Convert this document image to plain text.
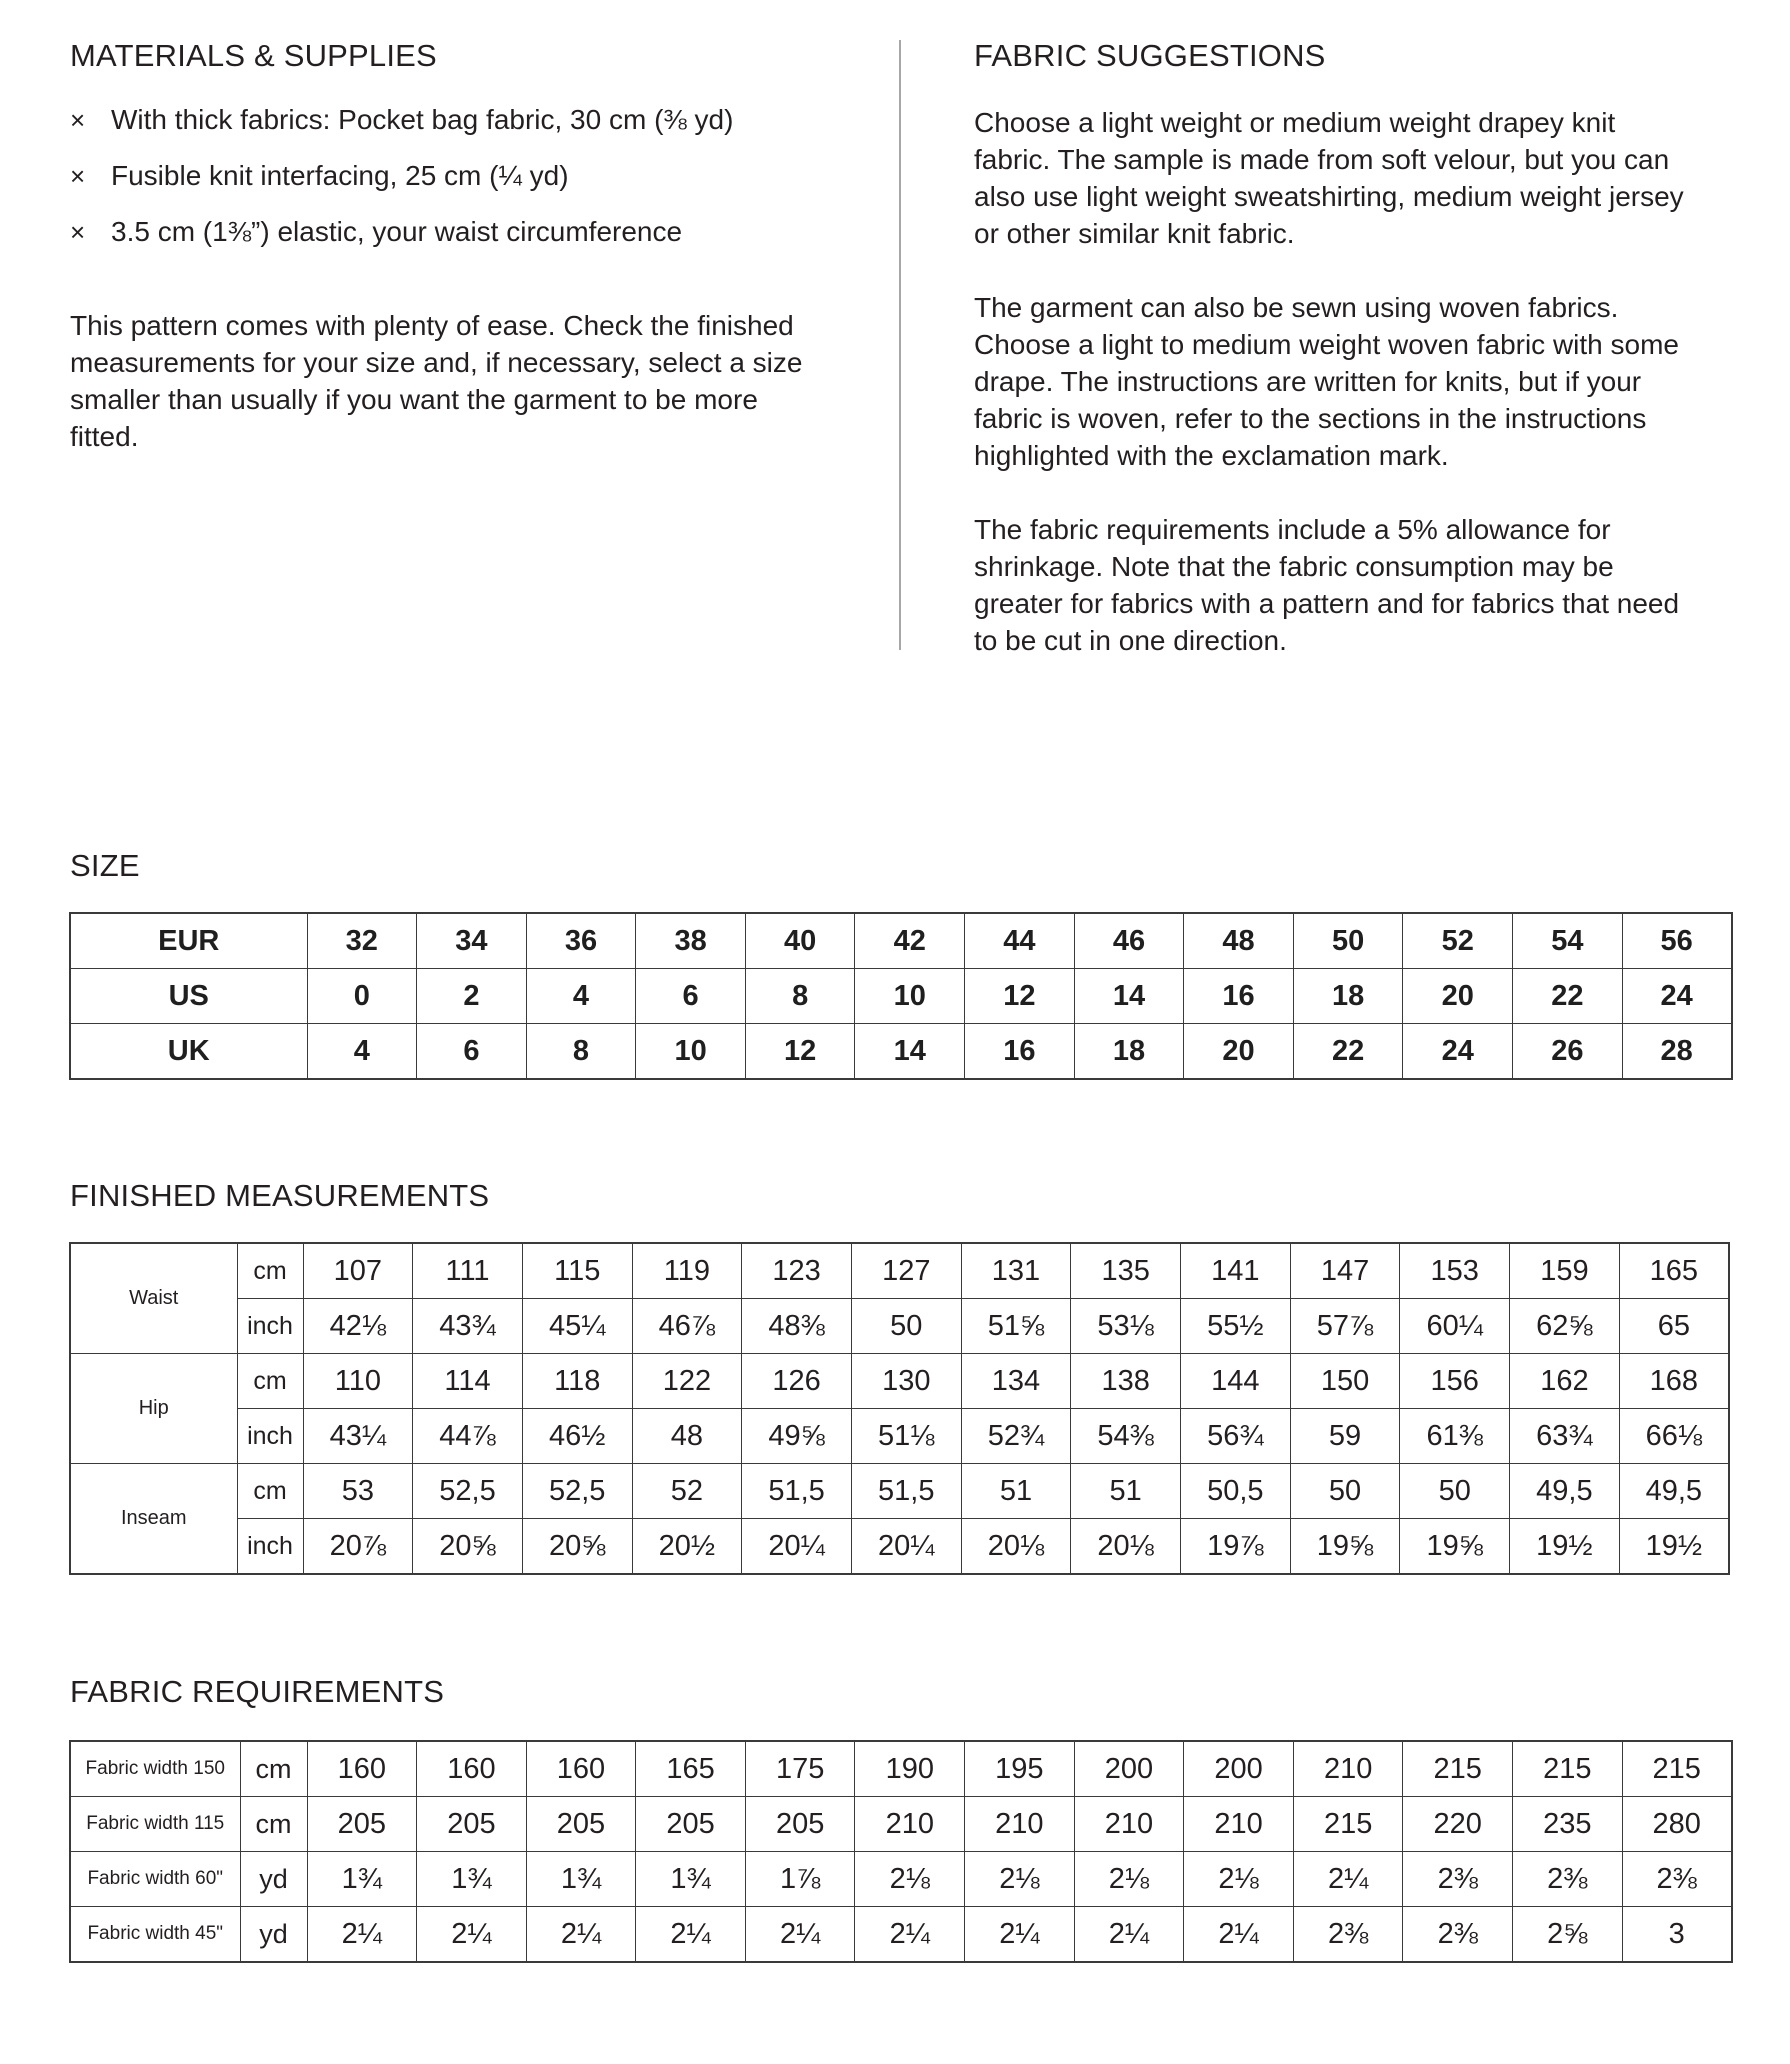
MATERIALS & SUPPLIES
× With thick fabrics: Pocket bag fabric, 30 cm (⅜ yd)
× Fusible knit interfacing, 25 cm (¼ yd)
× 3.5 cm (1⅜”) elastic, your waist circumference
This pattern comes with plenty of ease. Check the finished
measurements for your size and, if necessary, select a size
smaller than usually if you want the garment to be more
fitted.
FABRIC SUGGESTIONS
Choose a light weight or medium weight drapey knit
fabric. The sample is made from soft velour, but you can
also use light weight sweatshirting, medium weight jersey
or other similar knit fabric.
The garment can also be sewn using woven fabrics.
Choose a light to medium weight woven fabric with some
drape. The instructions are written for knits, but if your
fabric is woven, refer to the sections in the instructions
highlighted with the exclamation mark.
The fabric requirements include a 5% allowance for
shrinkage. Note that the fabric consumption may be
greater for fabrics with a pattern and for fabrics that need
to be cut in one direction.
SIZE
EUR	32	34	36	38	40	42	44	46	48	50	52	54	56
US	0	2	4	6	8	10	12	14	16	18	20	22	24
UK	4	6	8	10	12	14	16	18	20	22	24	26	28
FINISHED MEASUREMENTS
Waist	cm	107	111	115	119	123	127	131	135	141	147	153	159	165
	inch	42⅛	43¾	45¼	46⅞	48⅜	50	51⅝	53⅛	55½	57⅞	60¼	62⅝	65
Hip	cm	110	114	118	122	126	130	134	138	144	150	156	162	168
	inch	43¼	44⅞	46½	48	49⅝	51⅛	52¾	54⅜	56¾	59	61⅜	63¾	66⅛
Inseam	cm	53	52,5	52,5	52	51,5	51,5	51	51	50,5	50	50	49,5	49,5
	inch	20⅞	20⅝	20⅝	20½	20¼	20¼	20⅛	20⅛	19⅞	19⅝	19⅝	19½	19½
FABRIC REQUIREMENTS
Fabric width 150	cm	160	160	160	165	175	190	195	200	200	210	215	215	215
Fabric width 115	cm	205	205	205	205	205	210	210	210	210	215	220	235	280
Fabric width 60"	yd	1¾	1¾	1¾	1¾	1⅞	2⅛	2⅛	2⅛	2⅛	2¼	2⅜	2⅜	2⅜
Fabric width 45"	yd	2¼	2¼	2¼	2¼	2¼	2¼	2¼	2¼	2¼	2⅜	2⅜	2⅝	3
